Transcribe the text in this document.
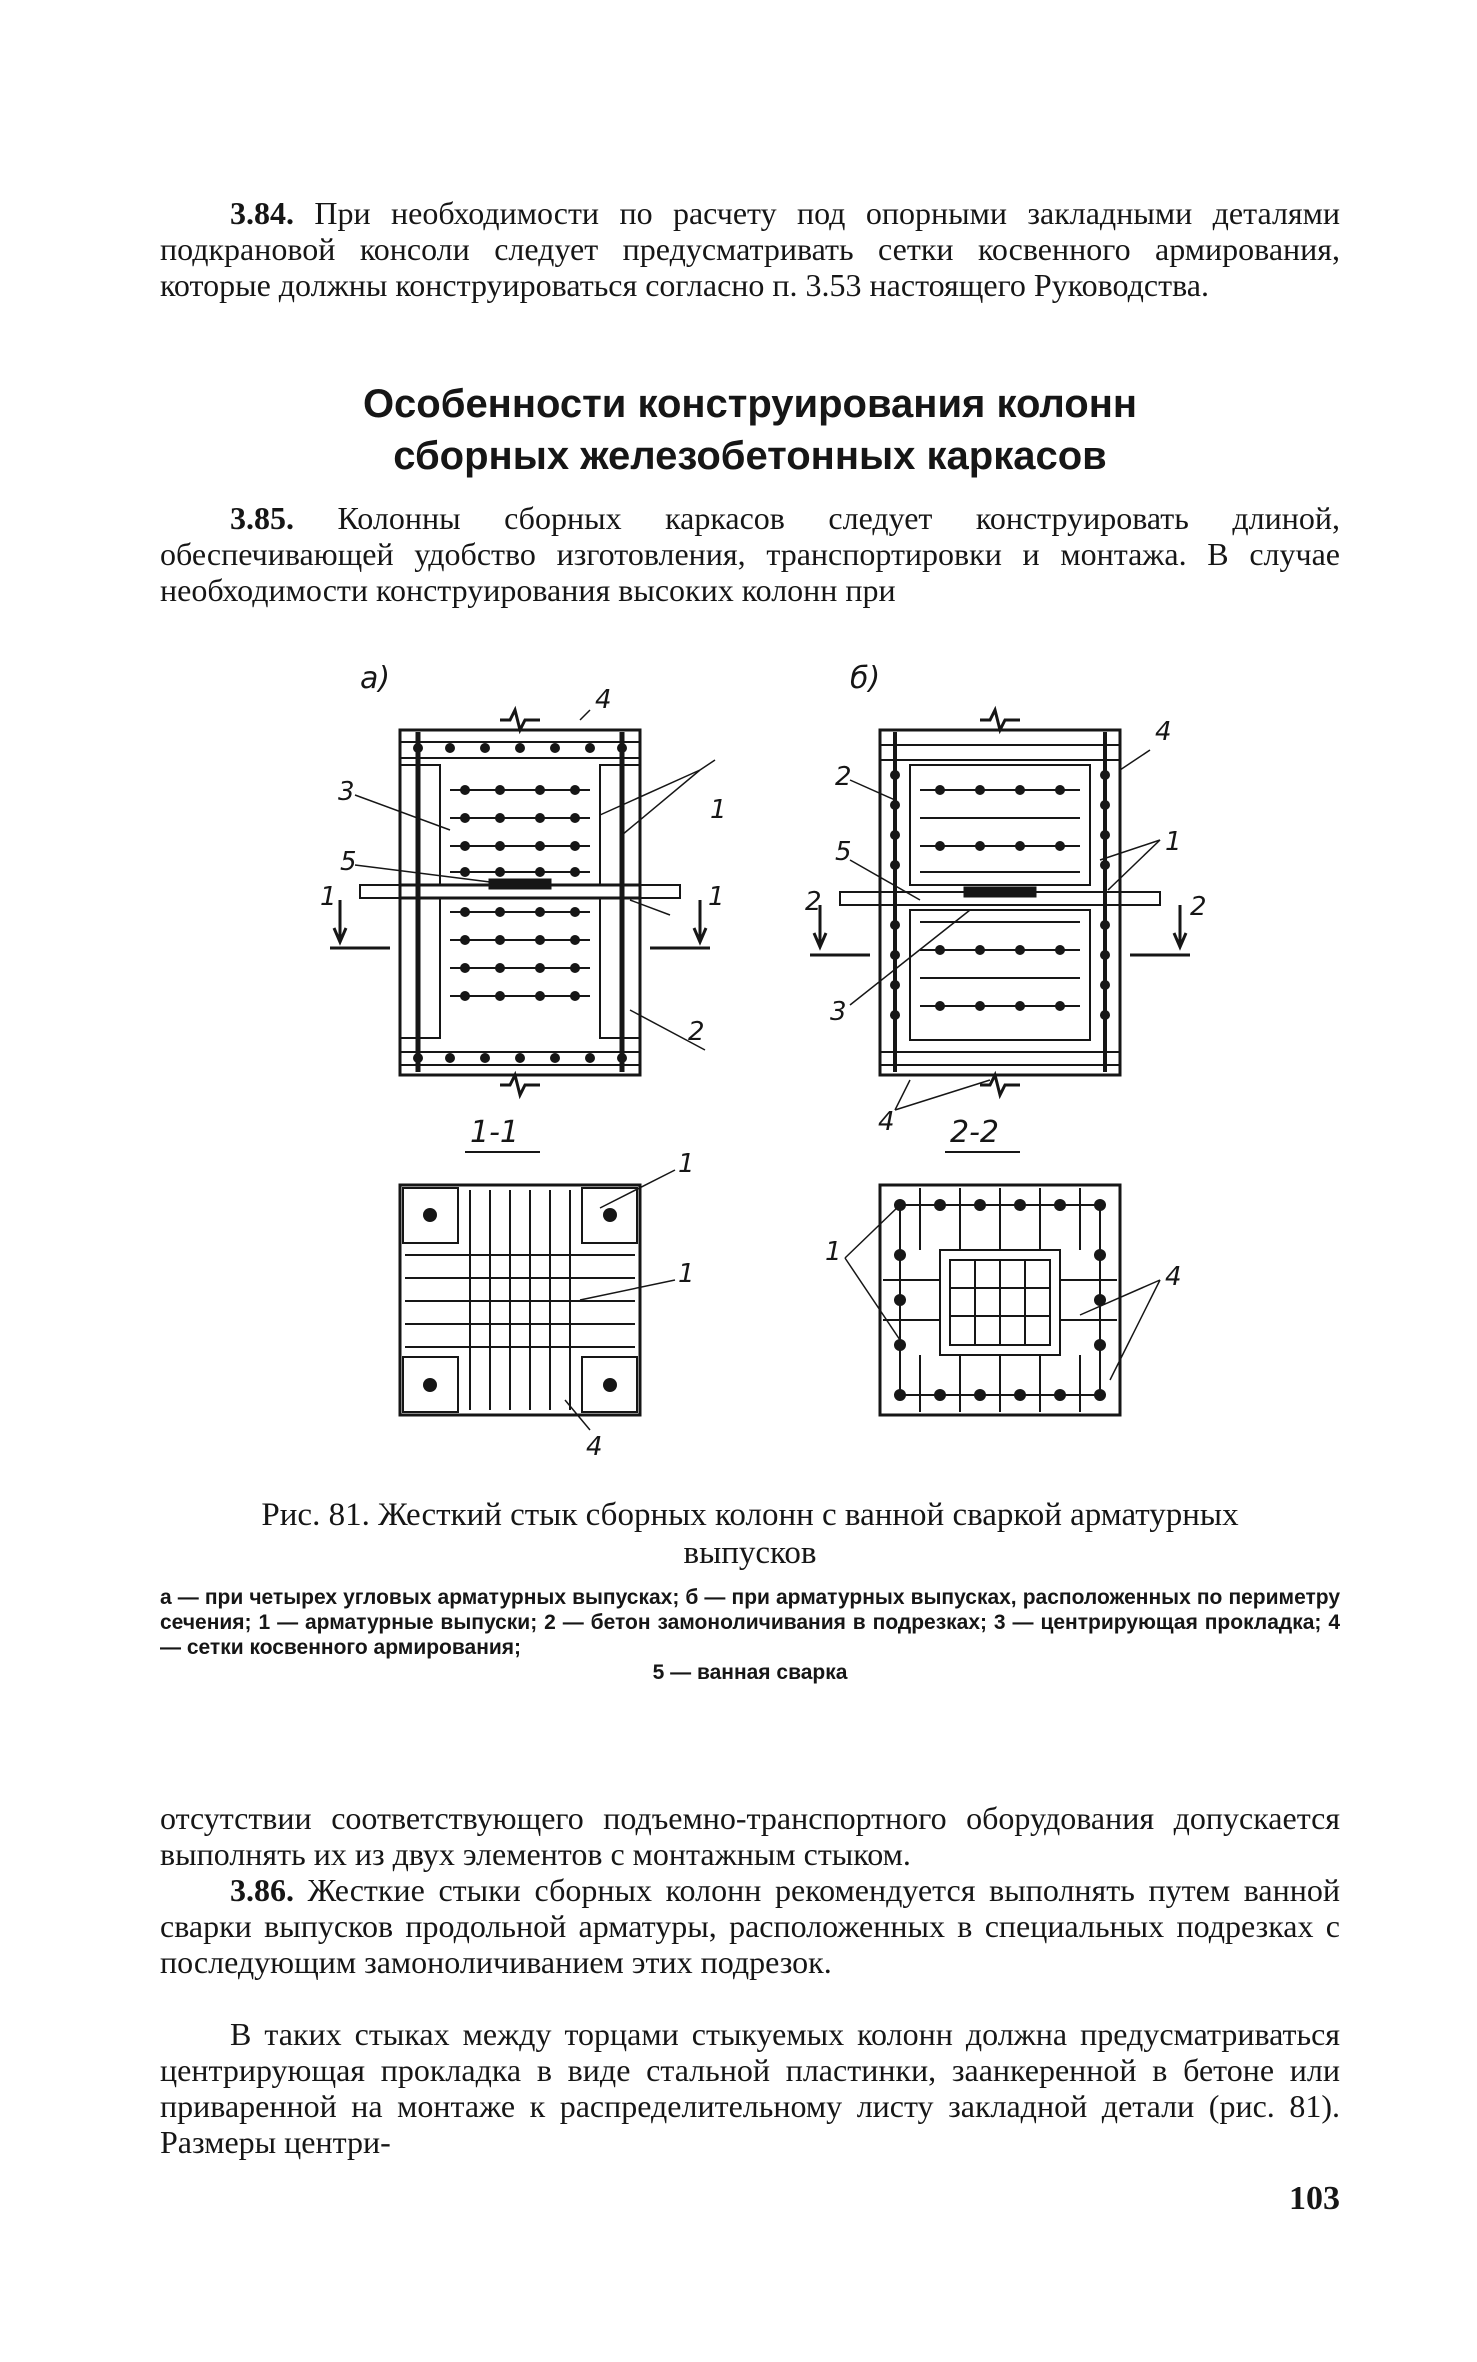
3.84. При необходимости по расчету под опорными закладными деталями подкрановой консоли следует предусматривать сетки косвенного армирования, которые должны конструироваться согласно п. 3.53 настоящего Руководства.

Особенности конструирования колонн
сборных железобетонных каркасов

3.85. Колонны сборных каркасов следует конструировать длиной, обеспечивающей удобство изготовления, транспортировки и монтажа. В случае необходимости конструирования высоких колонн при

а)	б)
1-1	2-2
4
3
5
1
1
1
2
4
2
5
2
1
2
3
4
1
1
4
1
4

Рис. 81. Жесткий стык сборных колонн с ванной сваркой арматурных выпусков

а — при четырех угловых арматурных выпусках; б — при арматурных выпусках, расположенных по периметру сечения; 1 — арматурные выпуски; 2 — бетон замоноличивания в подрезках; 3 — центрирующая прокладка; 4 — сетки косвенного армирования;
5 — ванная сварка

отсутствии соответствующего подъемно-транспортного оборудования допускается выполнять их из двух элементов с монтажным стыком.

3.86. Жесткие стыки сборных колонн рекомендуется выполнять путем ванной сварки выпусков продольной арматуры, расположенных в специальных подрезках с последующим замоноличиванием этих подрезок.

В таких стыках между торцами стыкуемых колонн должна предусматриваться центрирующая прокладка в виде стальной пластинки, заанкеренной в бетоне или приваренной на монтаже к распределительному листу закладной детали (рис. 81). Размеры центри-

103
